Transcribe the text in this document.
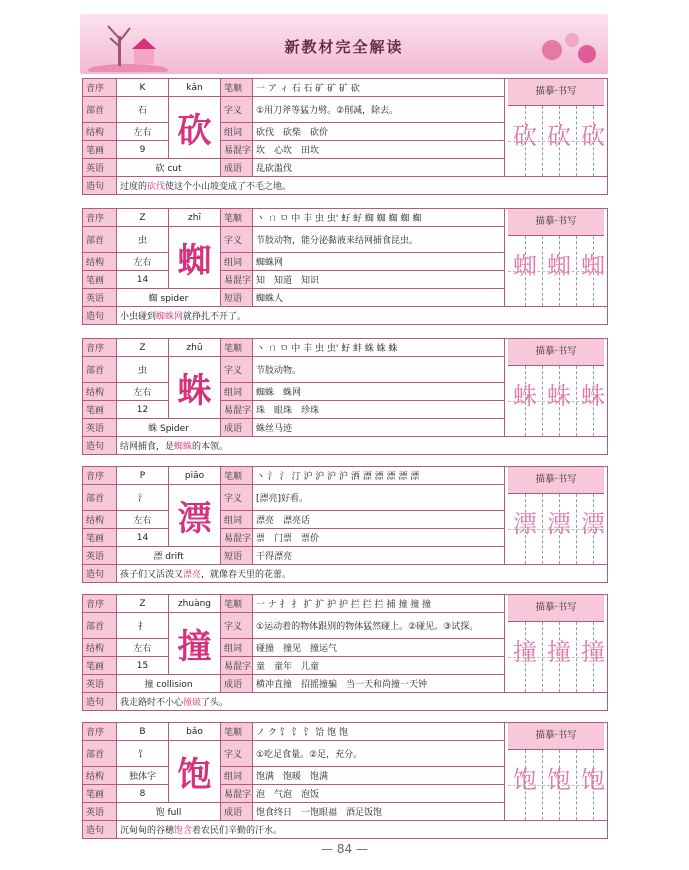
新教材完全解读
音序	K	kǎn	笔顺	一 ア ィ 石 石 矿 矿 矿 砍	描摹·书写
砍 砍 砍

部首	石	砍	字义	①用刀斧等猛力劈。②削减，除去。	
结构	左右		组词	砍伐　砍柴　砍价	
笔画	9		易混字	坎　心坎　田坎	
英语	砍 cut		成语	乱砍滥伐	
造句	过度的砍伐使这个小山坡变成了不毛之地。				
音序	Z	zhī	笔顺	丶 ㄇ ㅁ 中 丰 虫 虫' 虸 虸 蜘 蜘 蜘 蜘 蜘	描摹·书写
蜘 蜘 蜘

部首	虫	蜘	字义	节肢动物，能分泌黏液来结网捕食昆虫。	
结构	左右		组词	蜘蛛网	
笔画	14		易混字	知　知道　知识	
英语	蜘 spider		短语	蜘蛛人	
造句	小虫碰到蜘蛛网就挣扎不开了。				
音序	Z	zhū	笔顺	丶 ㄇ ㅁ 中 丰 虫 虫' 虸 蚌 蛛 蛛 蛛	描摹·书写
蛛 蛛 蛛

部首	虫	蛛	字义	节肢动物。	
结构	左右		组词	蜘蛛　蛛网	
笔画	12		易混字	珠　眼珠　珍珠	
英语	蛛 Spider		成语	蛛丝马迹	
造句	结网捕食，是蜘蛛的本领。				
音序	P	piāo	笔顺	丶 氵 氵 汀 沪 沪 沪 沪 洒 漂 漂 漂 漂 漂	描摹·书写
漂 漂 漂

部首	氵	漂	字义	[漂亮]好看。	
结构	左右		组词	漂亮　漂亮话	
笔画	14		易混字	票　门票　票价	
英语	漂 drift		短语	干得漂亮	
造句	孩子们又活泼又漂亮，就像春天里的花蕾。				
音序	Z	zhuàng	笔顺	一 ナ 扌 扌 扩 扩 护 护 拦 拦 拦 捕 撞 撞 撞	描摹·书写
撞 撞 撞

部首	扌	撞	字义	①运动着的物体跟别的物体猛然碰上。②碰见。③试探。	
结构	左右		组词	碰撞　撞见　撞运气	
笔画	15		易混字	童　童年　儿童	
英语	撞 collision		成语	横冲直撞　招摇撞骗　当一天和尚撞一天钟	
造句	我走路时不小心撞破了头。				
音序	B	bǎo	笔顺	ノ ク 饣 饣 饣 饸 饱 饱	描摹·书写
饱 饱 饱

部首	饣	饱	字义	①吃足食量。②足，充分。	
结构	独体字		组词	饱满　饱暖　饱满	
笔画	8		易混字	泡　气泡　泡饭	
英语	饱 full		成语	饱食终日　一饱眼福　酒足饭饱	
造句	沉甸甸的谷穗饱含着农民们辛勤的汗水。				
— 84 —
